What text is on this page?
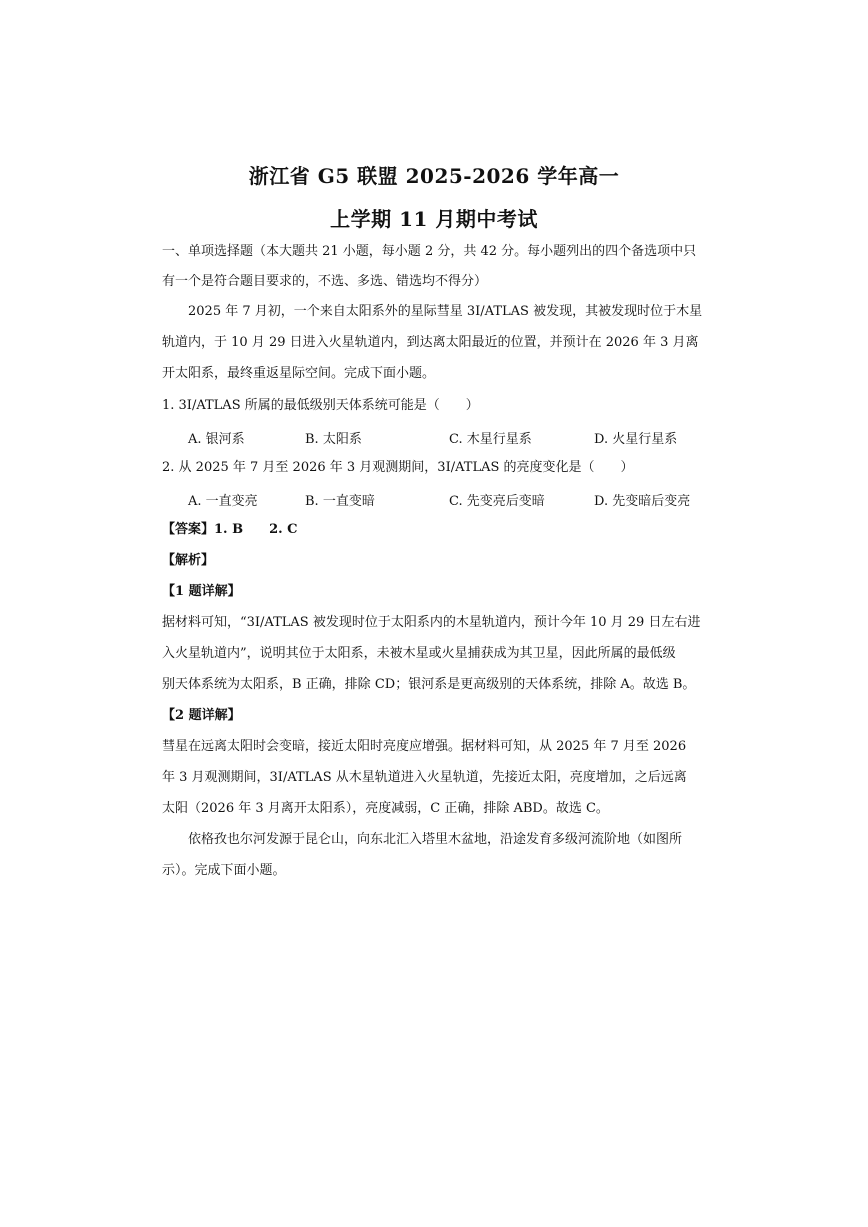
浙江省 G5 联盟 2025-2026 学年高一
上学期 11 月期中考试
一、单项选择题（本大题共 21 小题，每小题 2 分，共 42 分。每小题列出的四个备选项中只
有一个是符合题目要求的，不选、多选、错选均不得分）
2025 年 7 月初，一个来自太阳系外的星际彗星 3I/ATLAS 被发现，其被发现时位于木星
轨道内，于 10 月 29 日进入火星轨道内，到达离太阳最近的位置，并预计在 2026 年 3 月离
开太阳系，最终重返星际空间。完成下面小题。
1. 3I/ATLAS 所属的最低级别天体系统可能是（　　）
A. 银河系	B. 太阳系	C. 木星行星系	D. 火星行星系
2. 从 2025 年 7 月至 2026 年 3 月观测期间，3I/ATLAS 的亮度变化是（　　）
A. 一直变亮	B. 一直变暗	C. 先变亮后变暗	D. 先变暗后变亮
【答案】1. B　　2. C
【解析】
【1 题详解】
据材料可知，“3I/ATLAS 被发现时位于太阳系内的木星轨道内，预计今年 10 月 29 日左右进
入火星轨道内”，说明其位于太阳系，未被木星或火星捕获成为其卫星，因此所属的最低级
别天体系统为太阳系，B 正确，排除 CD；银河系是更高级别的天体系统，排除 A。故选 B。
【2 题详解】
彗星在远离太阳时会变暗，接近太阳时亮度应增强。据材料可知，从 2025 年 7 月至 2026
年 3 月观测期间，3I/ATLAS 从木星轨道进入火星轨道，先接近太阳，亮度增加，之后远离
太阳（2026 年 3 月离开太阳系），亮度减弱，C 正确，排除 ABD。故选 C。
依格孜也尔河发源于昆仑山，向东北汇入塔里木盆地，沿途发育多级河流阶地（如图所
示）。完成下面小题。
